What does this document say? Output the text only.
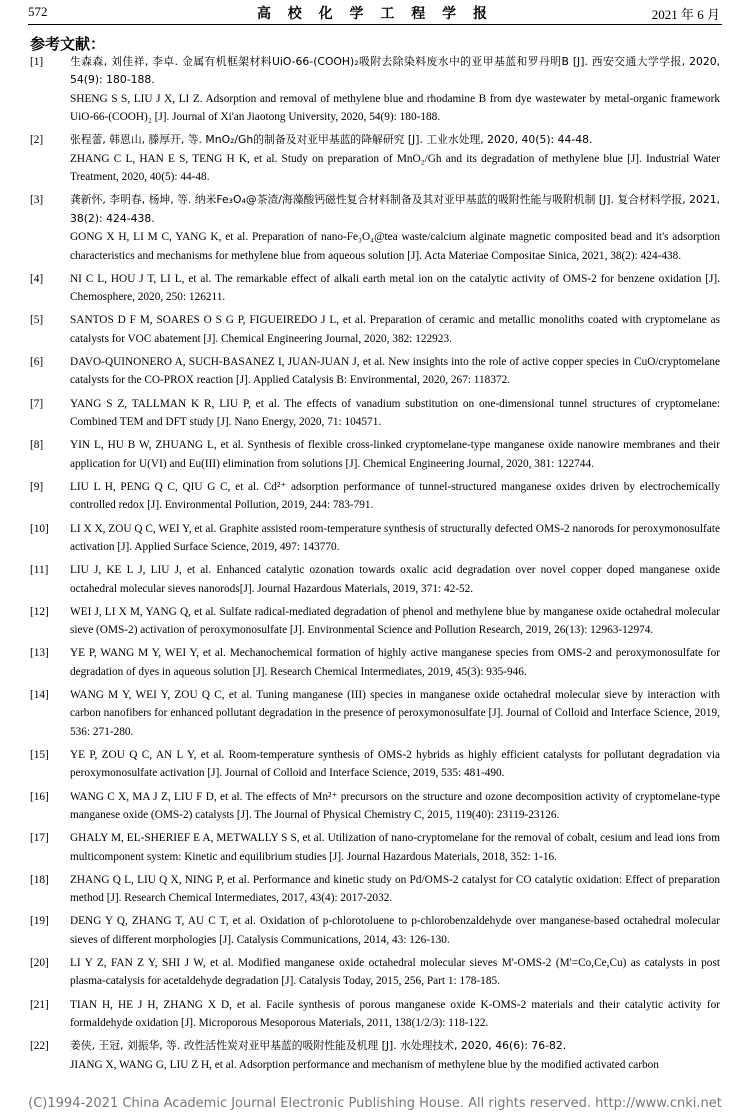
572	高 校 化 学 工 程 学 报	2021 年 6 月
参考文献：
[1]	生森森, 刘佳祥, 李卓. 金属有机框架材料UiO-66-(COOH)₂吸附去除染料废水中的亚甲基蓝和罗丹明B [J]. 西安交通大学学报, 2020, 54(9): 180-188.

SHENG S S, LIU J X, LI Z. Adsorption and removal of methylene blue and rhodamine B from dye wastewater by metal-organic framework UiO-66-(COOH)₂ [J]. Journal of Xi'an Jiaotong University, 2020, 54(9): 180-188.

[2]	张程蕾, 韩恩山, 滕厚开, 等. MnO₂/Gh的制备及对亚甲基蓝的降解研究 [J]. 工业水处理, 2020, 40(5): 44-48.

ZHANG C L, HAN E S, TENG H K, et al. Study on preparation of MnO₂/Gh and its degradation of methylene blue [J]. Industrial Water Treatment, 2020, 40(5): 44-48.

[3]	龚新怀, 李明春, 杨坤, 等. 纳米Fe₃O₄@茶渣/海藻酸钙磁性复合材料制备及其对亚甲基蓝的吸附性能与吸附机制 [J]. 复合材料学报, 2021, 38(2): 424-438.

GONG X H, LI M C, YANG K, et al. Preparation of nano-Fe₃O₄@tea waste/calcium alginate magnetic composited bead and it's adsorption characteristics and mechanisms for methylene blue from aqueous solution [J]. Acta Materiae Compositae Sinica, 2021, 38(2): 424-438.

[4]	NI C L, HOU J T, LI L, et al. The remarkable effect of alkali earth metal ion on the catalytic activity of OMS-2 for benzene oxidation [J]. Chemosphere, 2020, 250: 126211.

[5]	SANTOS D F M, SOARES O S G P, FIGUEIREDO J L, et al. Preparation of ceramic and metallic monoliths coated with cryptomelane as catalysts for VOC abatement [J]. Chemical Engineering Journal, 2020, 382: 122923.

[6]	DAVO-QUINONERO A, SUCH-BASANEZ I, JUAN-JUAN J, et al. New insights into the role of active copper species in CuO/cryptomelane catalysts for the CO-PROX reaction [J]. Applied Catalysis B: Environmental, 2020, 267: 118372.

[7]	YANG S Z, TALLMAN K R, LIU P, et al. The effects of vanadium substitution on one-dimensional tunnel structures of cryptomelane: Combined TEM and DFT study [J]. Nano Energy, 2020, 71: 104571.

[8]	YIN L, HU B W, ZHUANG L, et al. Synthesis of flexible cross-linked cryptomelane-type manganese oxide nanowire membranes and their application for U(VI) and Eu(III) elimination from solutions [J]. Chemical Engineering Journal, 2020, 381: 122744.

[9]	LIU L H, PENG Q C, QIU G C, et al. Cd²⁺ adsorption performance of tunnel-structured manganese oxides driven by electrochemically controlled redox [J]. Environmental Pollution, 2019, 244: 783-791.

[10]	LI X X, ZOU Q C, WEI Y, et al. Graphite assisted room-temperature synthesis of structurally defected OMS-2 nanorods for peroxymonosulfate activation [J]. Applied Surface Science, 2019, 497: 143770.

[11]	LIU J, KE L J, LIU J, et al. Enhanced catalytic ozonation towards oxalic acid degradation over novel copper doped manganese oxide octahedral molecular sieves nanorods[J]. Journal Hazardous Materials, 2019, 371: 42-52.

[12]	WEI J, LI X M, YANG Q, et al. Sulfate radical-mediated degradation of phenol and methylene blue by manganese oxide octahedral molecular sieve (OMS-2) activation of peroxymonosulfate [J]. Environmental Science and Pollution Research, 2019, 26(13): 12963-12974.

[13]	YE P, WANG M Y, WEI Y, et al. Mechanochemical formation of highly active manganese species from OMS-2 and peroxymonosulfate for degradation of dyes in aqueous solution [J]. Research Chemical Intermediates, 2019, 45(3): 935-946.

[14]	WANG M Y, WEI Y, ZOU Q C, et al. Tuning manganese (III) species in manganese oxide octahedral molecular sieve by interaction with carbon nanofibers for enhanced pollutant degradation in the presence of peroxymonosulfate [J]. Journal of Colloid and Interface Science, 2019, 536: 271-280.

[15]	YE P, ZOU Q C, AN L Y, et al. Room-temperature synthesis of OMS-2 hybrids as highly efficient catalysts for pollutant degradation via peroxymonosulfate activation [J]. Journal of Colloid and Interface Science, 2019, 535: 481-490.

[16]	WANG C X, MA J Z, LIU F D, et al. The effects of Mn²⁺ precursors on the structure and ozone decomposition activity of cryptomelane-type manganese oxide (OMS-2) catalysts [J]. The Journal of Physical Chemistry C, 2015, 119(40): 23119-23126.

[17]	GHALY M, EL-SHERIEF E A, METWALLY S S, et al. Utilization of nano-cryptomelane for the removal of cobalt, cesium and lead ions from multicomponent system: Kinetic and equilibrium studies [J]. Journal Hazardous Materials, 2018, 352: 1-16.

[18]	ZHANG Q L, LIU Q X, NING P, et al. Performance and kinetic study on Pd/OMS-2 catalyst for CO catalytic oxidation: Effect of preparation method [J]. Research Chemical Intermediates, 2017, 43(4): 2017-2032.

[19]	DENG Y Q, ZHANG T, AU C T, et al. Oxidation of p-chlorotoluene to p-chlorobenzaldehyde over manganese-based octahedral molecular sieves of different morphologies [J]. Catalysis Communications, 2014, 43: 126-130.

[20]	LI Y Z, FAN Z Y, SHI J W, et al. Modified manganese oxide octahedral molecular sieves M'-OMS-2 (M'=Co,Ce,Cu) as catalysts in post plasma-catalysis for acetaldehyde degradation [J]. Catalysis Today, 2015, 256, Part 1: 178-185.

[21]	TIAN H, HE J H, ZHANG X D, et al. Facile synthesis of porous manganese oxide K-OMS-2 materials and their catalytic activity for formaldehyde oxidation [J]. Microporous Mesoporous Materials, 2011, 138(1/2/3): 118-122.

[22]	姜侠, 王冠, 刘振华, 等. 改性活性炭对亚甲基蓝的吸附性能及机理 [J]. 水处理技术, 2020, 46(6): 76-82.

JIANG X, WANG G, LIU Z H, et al. Adsorption performance and mechanism of methylene blue by the modified activated carbon

(C)1994-2021 China Academic Journal Electronic Publishing House. All rights reserved. http://www.cnki.net
